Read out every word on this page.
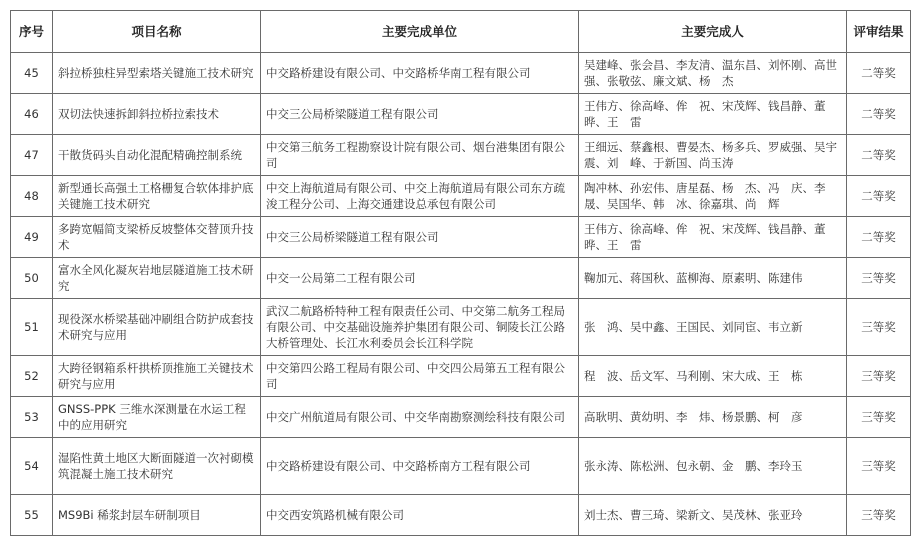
序号	项目名称	主要完成单位	主要完成人	评审结果
45	斜拉桥独柱异型索塔关键施工技术研究	中交路桥建设有限公司、中交路桥华南工程有限公司	吴建峰、张会昌、李友清、温东昌、刘怀刚、高世强、张敬弦、廉文斌、杨　杰	二等奖
46	双切法快速拆卸斜拉桥拉索技术	中交三公局桥梁隧道工程有限公司	王伟方、徐高峰、侔　祝、宋茂辉、钱昌静、董　晔、王　雷	二等奖
47	干散货码头自动化混配精确控制系统	中交第三航务工程勘察设计院有限公司、烟台港集团有限公司	王细远、蔡鑫根、曹晏杰、杨多兵、罗威强、吴宇震、刘　峰、于新国、尚玉涛	二等奖
48	新型通长高强土工格栅复合软体排护底关键施工技术研究	中交上海航道局有限公司、中交上海航道局有限公司东方疏浚工程分公司、上海交通建设总承包有限公司	陶冲林、孙宏伟、唐星磊、杨　杰、冯　庆、李　晟、吴国华、韩　冰、徐嘉琪、尚　辉	二等奖
49	多跨宽幅简支梁桥反坡整体交替顶升技术	中交三公局桥梁隧道工程有限公司	王伟方、徐高峰、侔　祝、宋茂辉、钱昌静、董　晔、王　雷	二等奖
50	富水全风化凝灰岩地层隧道施工技术研究	中交一公局第二工程有限公司	鞠加元、蒋国秋、蓝柳海、原素明、陈建伟	三等奖
51	现役深水桥梁基础冲刷组合防护成套技术研究与应用	武汉二航路桥特种工程有限责任公司、中交第二航务工程局有限公司、中交基础设施养护集团有限公司、铜陵长江公路大桥管理处、长江水利委员会长江科学院	张　鸿、吴中鑫、王国民、刘同宦、韦立新	三等奖
52	大跨径钢箱系杆拱桥顶推施工关键技术研究与应用	中交第四公路工程局有限公司、中交四公局第五工程有限公司	程　波、岳文军、马利刚、宋大成、王　栋	三等奖
53	GNSS-PPK 三维水深测量在水运工程中的应用研究	中交广州航道局有限公司、中交华南勘察测绘科技有限公司	高耿明、黄幼明、李　炜、杨景鹏、柯　彦	三等奖
54	湿陷性黄土地区大断面隧道一次衬砌模筑混凝土施工技术研究	中交路桥建设有限公司、中交路桥南方工程有限公司	张永涛、陈松洲、包永朝、金　鹏、李玲玉	三等奖
55	MS9Bi 稀浆封层车研制项目	中交西安筑路机械有限公司	刘士杰、曹三琦、梁新文、吴茂林、张亚玲	三等奖
